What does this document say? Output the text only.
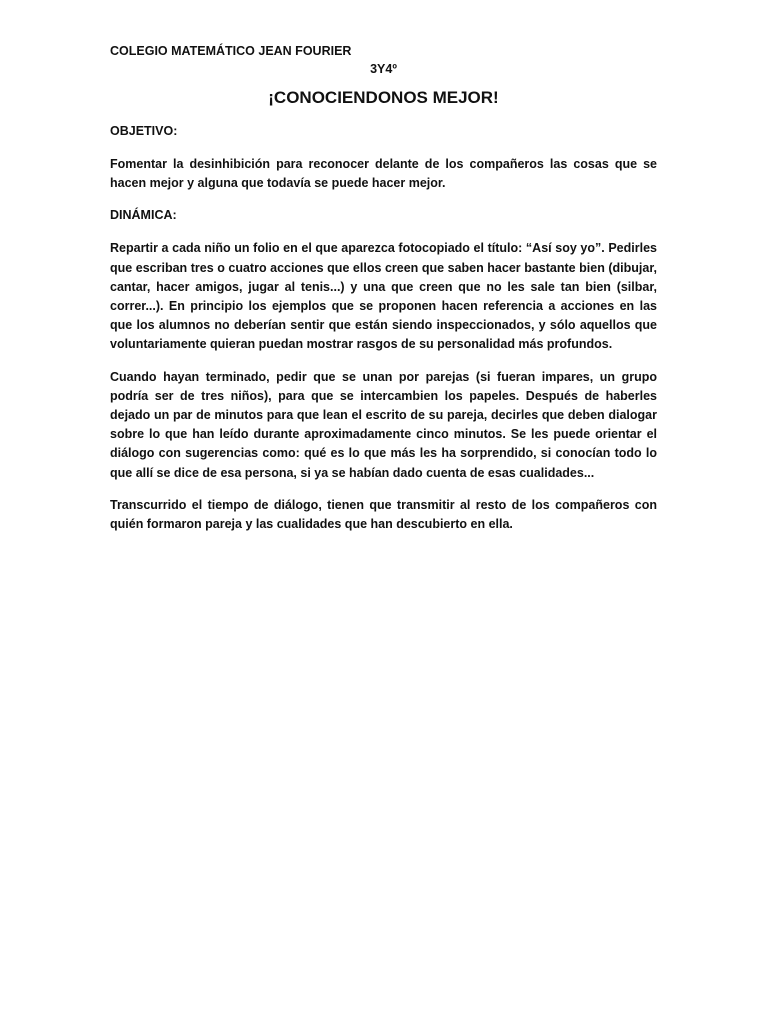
COLEGIO MATEMÁTICO JEAN FOURIER

3Y4º

¡CONOCIENDONOS MEJOR!

OBJETIVO:

Fomentar la desinhibición para reconocer delante de los compañeros las cosas que se hacen mejor y alguna que todavía se puede hacer mejor.

DINÁMICA:

Repartir a cada niño un folio en el que aparezca fotocopiado el título: “Así soy yo”. Pedirles que escriban tres o cuatro acciones que ellos creen que saben hacer bastante bien (dibujar, cantar, hacer amigos, jugar al tenis...) y una que creen que no les sale tan bien (silbar, correr...). En principio los ejemplos que se proponen hacen referencia a acciones en las que los alumnos no deberían sentir que están siendo inspeccionados, y sólo aquellos que voluntariamente quieran puedan mostrar rasgos de su personalidad más profundos.

Cuando hayan terminado, pedir que se unan por parejas (si fueran impares, un grupo podría ser de tres niños), para que se intercambien los papeles. Después de haberles dejado un par de minutos para que lean el escrito de su pareja, decirles que deben dialogar sobre lo que han leído durante aproximadamente cinco minutos. Se les puede orientar el diálogo con sugerencias como: qué es lo que más les ha sorprendido, si conocían todo lo que allí se dice de esa persona, si ya se habían dado cuenta de esas cualidades...

Transcurrido el tiempo de diálogo, tienen que transmitir al resto de los compañeros con quién formaron pareja y las cualidades que han descubierto en ella.
